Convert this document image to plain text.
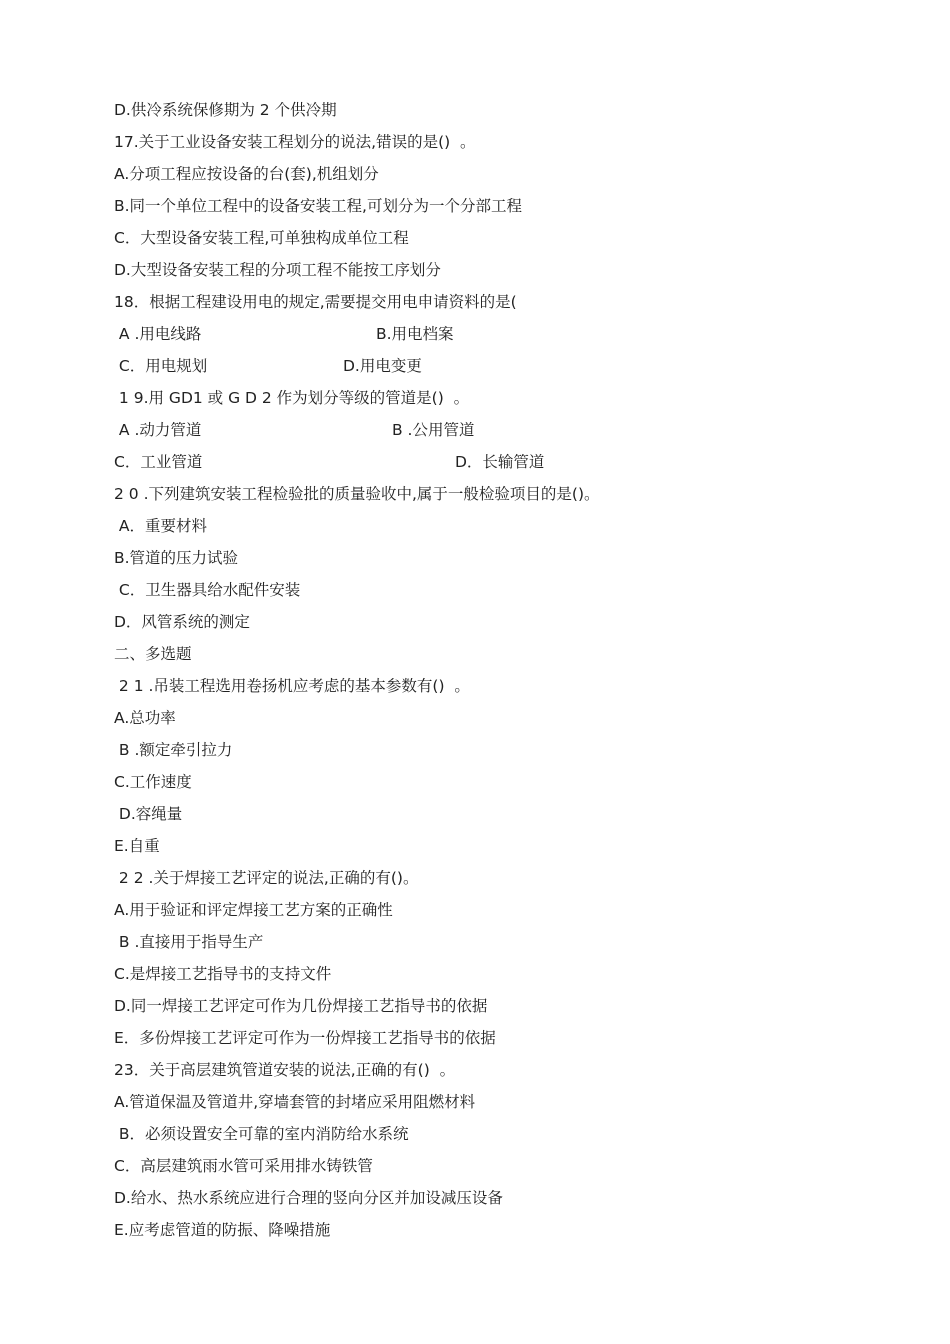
D.供冷系统保修期为 2 个供冷期
17.关于工业设备安装工程划分的说法,错误的是()  。
A.分项工程应按设备的台(套),机组划分
B.同一个单位工程中的设备安装工程,可划分为一个分部工程
C．大型设备安装工程,可单独构成单位工程
D.大型设备安装工程的分项工程不能按工序划分
18．根据工程建设用电的规定,需要提交用电申请资料的是(
A .用电线路	B.用电档案
C．用电规划	D.用电变更
1 9.用 GD1 或 G D 2 作为划分等级的管道是()  。
A .动力管道	B .公用管道
C．工业管道	D．长输管道
2 0 .下列建筑安装工程检验批的质量验收中,属于一般检验项目的是()。
A．重要材料
B.管道的压力试验
C．卫生器具给水配件安装
D．风管系统的测定
二、多选题
2 1 .吊装工程选用卷扬机应考虑的基本参数有()  。
A.总功率
B .额定牵引拉力
C.工作速度
D.容绳量
E.自重
2 2 .关于焊接工艺评定的说法,正确的有()。
A.用于验证和评定焊接工艺方案的正确性
B .直接用于指导生产
C.是焊接工艺指导书的支持文件
D.同一焊接工艺评定可作为几份焊接工艺指导书的依据
E．多份焊接工艺评定可作为一份焊接工艺指导书的依据
23．关于高层建筑管道安装的说法,正确的有()  。
A.管道保温及管道井,穿墙套管的封堵应采用阻燃材料
B．必须设置安全可靠的室内消防给水系统
C．高层建筑雨水管可采用排水铸铁管
D.给水、热水系统应进行合理的竖向分区并加设减压设备
E.应考虑管道的防振、降噪措施
